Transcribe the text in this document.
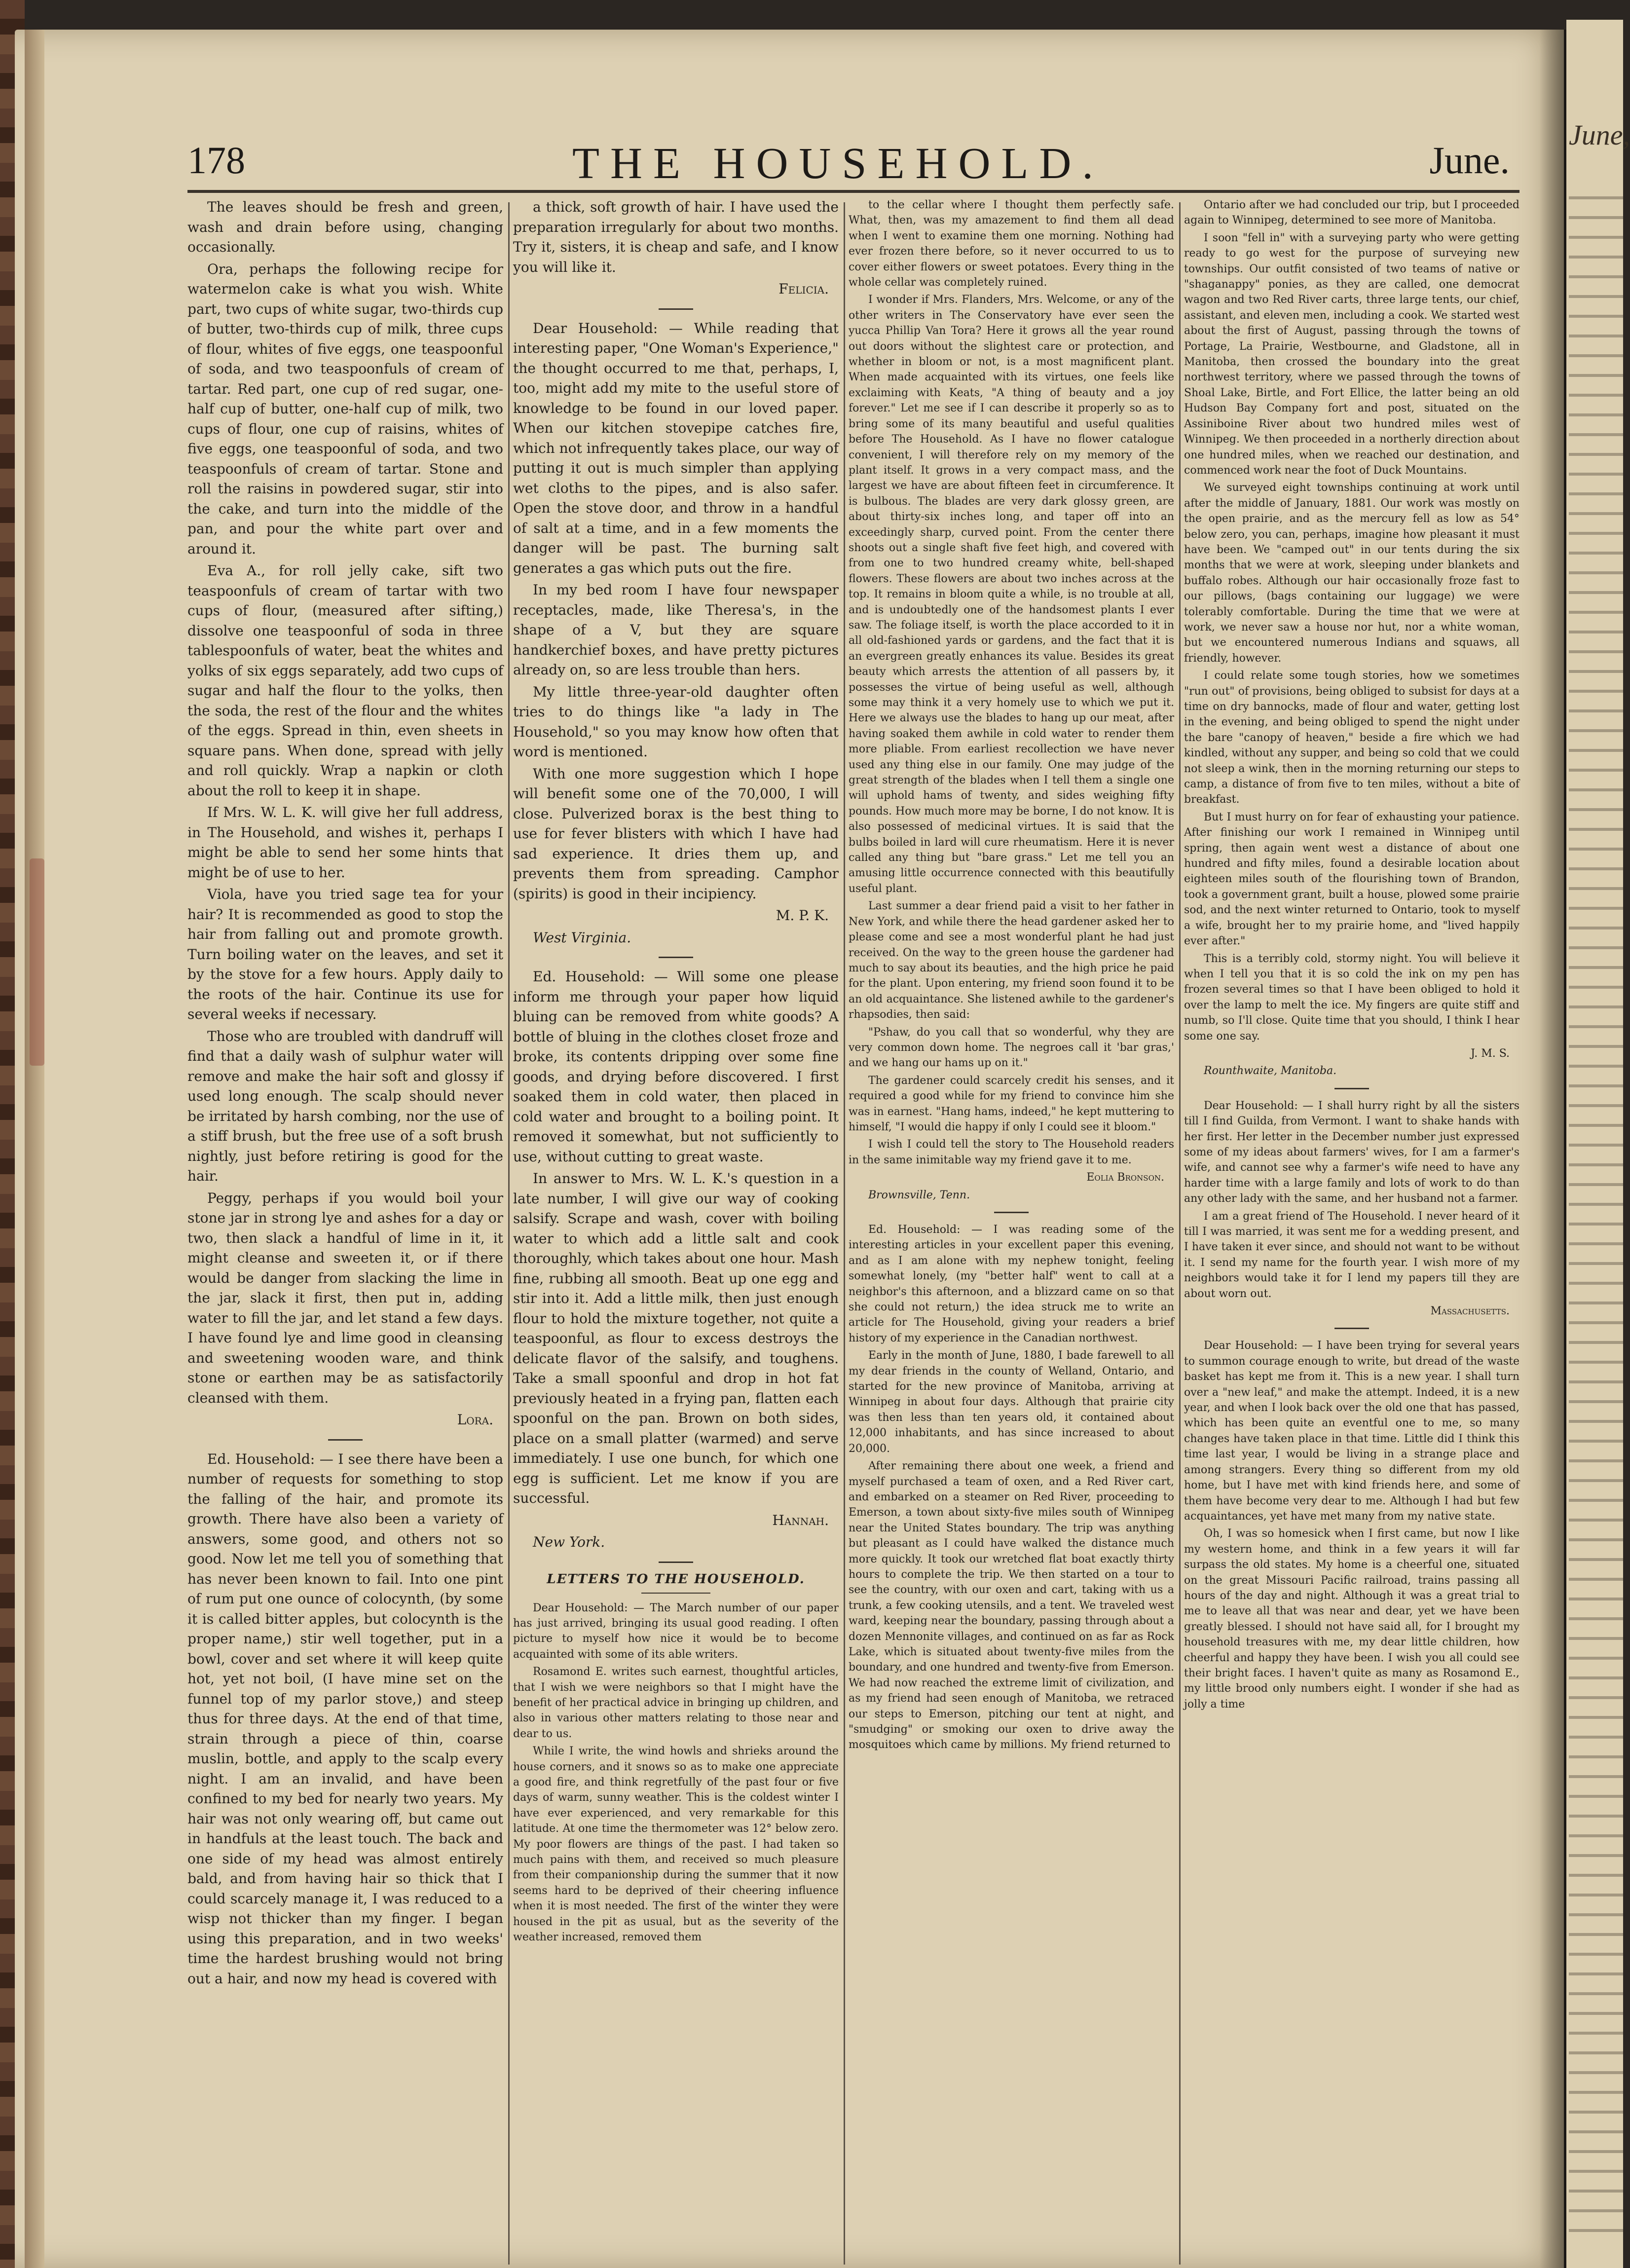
June,
178	THE HOUSEHOLD.	June.

The leaves should be fresh and green, wash and drain before using, changing occasionally.

Ora, perhaps the following recipe for watermelon cake is what you wish. White part, two cups of white sugar, two-thirds cup of butter, two-thirds cup of milk, three cups of flour, whites of five eggs, one teaspoonful of soda, and two teaspoonfuls of cream of tartar. Red part, one cup of red sugar, one-half cup of butter, one-half cup of milk, two cups of flour, one cup of raisins, whites of five eggs, one teaspoonful of soda, and two teaspoonfuls of cream of tartar. Stone and roll the raisins in powdered sugar, stir into the cake, and turn into the middle of the pan, and pour the white part over and around it.

Eva A., for roll jelly cake, sift two teaspoonfuls of cream of tartar with two cups of flour, (measured after sifting,) dissolve one teaspoonful of soda in three tablespoonfuls of water, beat the whites and yolks of six eggs separately, add two cups of sugar and half the flour to the yolks, then the soda, the rest of the flour and the whites of the eggs. Spread in thin, even sheets in square pans. When done, spread with jelly and roll quickly. Wrap a napkin or cloth about the roll to keep it in shape.

If Mrs. W. L. K. will give her full address, in The Household, and wishes it, perhaps I might be able to send her some hints that might be of use to her.

Viola, have you tried sage tea for your hair? It is recommended as good to stop the hair from falling out and promote growth. Turn boiling water on the leaves, and set it by the stove for a few hours. Apply daily to the roots of the hair. Continue its use for several weeks if necessary.

Those who are troubled with dandruff will find that a daily wash of sulphur water will remove and make the hair soft and glossy if used long enough. The scalp should never be irritated by harsh combing, nor the use of a stiff brush, but the free use of a soft brush nightly, just before retiring is good for the hair.

Peggy, perhaps if you would boil your stone jar in strong lye and ashes for a day or two, then slack a handful of lime in it, it might cleanse and sweeten it, or if there would be danger from slacking the lime in the jar, slack it first, then put in, adding water to fill the jar, and let stand a few days. I have found lye and lime good in cleansing and sweetening wooden ware, and think stone or earthen may be as satisfactorily cleansed with them.

Lora.

Ed. Household: — I see there have been a number of requests for something to stop the falling of the hair, and promote its growth. There have also been a variety of answers, some good, and others not so good. Now let me tell you of something that has never been known to fail. Into one pint of rum put one ounce of colocynth, (by some it is called bitter apples, but colocynth is the proper name,) stir well together, put in a bowl, cover and set where it will keep quite hot, yet not boil, (I have mine set on the funnel top of my parlor stove,) and steep thus for three days. At the end of that time, strain through a piece of thin, coarse muslin, bottle, and apply to the scalp every night. I am an invalid, and have been confined to my bed for nearly two years. My hair was not only wearing off, but came out in handfuls at the least touch. The back and one side of my head was almost entirely bald, and from having hair so thick that I could scarcely manage it, I was reduced to a wisp not thicker than my finger. I began using this preparation, and in two weeks' time the hardest brushing would not bring out a hair, and now my head is covered with

a thick, soft growth of hair. I have used the preparation irregularly for about two months. Try it, sisters, it is cheap and safe, and I know you will like it.

Felicia.

Dear Household: — While reading that interesting paper, "One Woman's Experience," the thought occurred to me that, perhaps, I, too, might add my mite to the useful store of knowledge to be found in our loved paper. When our kitchen stovepipe catches fire, which not infrequently takes place, our way of putting it out is much simpler than applying wet cloths to the pipes, and is also safer. Open the stove door, and throw in a handful of salt at a time, and in a few moments the danger will be past. The burning salt generates a gas which puts out the fire.

In my bed room I have four newspaper receptacles, made, like Theresa's, in the shape of a V, but they are square handkerchief boxes, and have pretty pictures already on, so are less trouble than hers.

My little three-year-old daughter often tries to do things like "a lady in The Household," so you may know how often that word is mentioned.

With one more suggestion which I hope will benefit some one of the 70,000, I will close. Pulverized borax is the best thing to use for fever blisters with which I have had sad experience. It dries them up, and prevents them from spreading. Camphor (spirits) is good in their incipiency.

M. P. K.

West Virginia.

Ed. Household: — Will some one please inform me through your paper how liquid bluing can be removed from white goods? A bottle of bluing in the clothes closet froze and broke, its contents dripping over some fine goods, and drying before discovered. I first soaked them in cold water, then placed in cold water and brought to a boiling point. It removed it somewhat, but not sufficiently to use, without cutting to great waste.

In answer to Mrs. W. L. K.'s question in a late number, I will give our way of cooking salsify. Scrape and wash, cover with boiling water to which add a little salt and cook thoroughly, which takes about one hour. Mash fine, rubbing all smooth. Beat up one egg and stir into it. Add a little milk, then just enough flour to hold the mixture together, not quite a teaspoonful, as flour to excess destroys the delicate flavor of the salsify, and toughens. Take a small spoonful and drop in hot fat previously heated in a frying pan, flatten each spoonful on the pan. Brown on both sides, place on a small platter (warmed) and serve immediately. I use one bunch, for which one egg is sufficient. Let me know if you are successful.

Hannah.

New York.

LETTERS TO THE HOUSEHOLD.

Dear Household: — The March number of our paper has just arrived, bringing its usual good reading. I often picture to myself how nice it would be to become acquainted with some of its able writers.

Rosamond E. writes such earnest, thoughtful articles, that I wish we were neighbors so that I might have the benefit of her practical advice in bringing up children, and also in various other matters relating to those near and dear to us.

While I write, the wind howls and shrieks around the house corners, and it snows so as to make one appreciate a good fire, and think regretfully of the past four or five days of warm, sunny weather. This is the coldest winter I have ever experienced, and very remarkable for this latitude. At one time the thermometer was 12° below zero. My poor flowers are things of the past. I had taken so much pains with them, and received so much pleasure from their companionship during the summer that it now seems hard to be deprived of their cheering influence when it is most needed. The first of the winter they were housed in the pit as usual, but as the severity of the weather increased, removed them

to the cellar where I thought them perfectly safe. What, then, was my amazement to find them all dead when I went to examine them one morning. Nothing had ever frozen there before, so it never occurred to us to cover either flowers or sweet potatoes. Every thing in the whole cellar was completely ruined.

I wonder if Mrs. Flanders, Mrs. Welcome, or any of the other writers in The Conservatory have ever seen the yucca Phillip Van Tora? Here it grows all the year round out doors without the slightest care or protection, and whether in bloom or not, is a most magnificent plant. When made acquainted with its virtues, one feels like exclaiming with Keats, "A thing of beauty and a joy forever." Let me see if I can describe it properly so as to bring some of its many beautiful and useful qualities before The Household. As I have no flower catalogue convenient, I will therefore rely on my memory of the plant itself. It grows in a very compact mass, and the largest we have are about fifteen feet in circumference. It is bulbous. The blades are very dark glossy green, are about thirty-six inches long, and taper off into an exceedingly sharp, curved point. From the center there shoots out a single shaft five feet high, and covered with from one to two hundred creamy white, bell-shaped flowers. These flowers are about two inches across at the top. It remains in bloom quite a while, is no trouble at all, and is undoubtedly one of the handsomest plants I ever saw. The foliage itself, is worth the place accorded to it in all old-fashioned yards or gardens, and the fact that it is an evergreen greatly enhances its value. Besides its great beauty which arrests the attention of all passers by, it possesses the virtue of being useful as well, although some may think it a very homely use to which we put it. Here we always use the blades to hang up our meat, after having soaked them awhile in cold water to render them more pliable. From earliest recollection we have never used any thing else in our family. One may judge of the great strength of the blades when I tell them a single one will uphold hams of twenty, and sides weighing fifty pounds. How much more may be borne, I do not know. It is also possessed of medicinal virtues. It is said that the bulbs boiled in lard will cure rheumatism. Here it is never called any thing but "bare grass." Let me tell you an amusing little occurrence connected with this beautifully useful plant.

Last summer a dear friend paid a visit to her father in New York, and while there the head gardener asked her to please come and see a most wonderful plant he had just received. On the way to the green house the gardener had much to say about its beauties, and the high price he paid for the plant. Upon entering, my friend soon found it to be an old acquaintance. She listened awhile to the gardener's rhapsodies, then said:

"Pshaw, do you call that so wonderful, why they are very common down home. The negroes call it 'bar gras,' and we hang our hams up on it."

The gardener could scarcely credit his senses, and it required a good while for my friend to convince him she was in earnest. "Hang hams, indeed," he kept muttering to himself, "I would die happy if only I could see it bloom."

I wish I could tell the story to The Household readers in the same inimitable way my friend gave it to me.

Eolia Bronson.

Brownsville, Tenn.

Ed. Household: — I was reading some of the interesting articles in your excellent paper this evening, and as I am alone with my nephew tonight, feeling somewhat lonely, (my "better half" went to call at a neighbor's this afternoon, and a blizzard came on so that she could not return,) the idea struck me to write an article for The Household, giving your readers a brief history of my experience in the Canadian northwest.

Early in the month of June, 1880, I bade farewell to all my dear friends in the county of Welland, Ontario, and started for the new province of Manitoba, arriving at Winnipeg in about four days. Although that prairie city was then less than ten years old, it contained about 12,000 inhabitants, and has since increased to about 20,000.

After remaining there about one week, a friend and myself purchased a team of oxen, and a Red River cart, and embarked on a steamer on Red River, proceeding to Emerson, a town about sixty-five miles south of Winnipeg near the United States boundary. The trip was anything but pleasant as I could have walked the distance much more quickly. It took our wretched flat boat exactly thirty hours to complete the trip. We then started on a tour to see the country, with our oxen and cart, taking with us a trunk, a few cooking utensils, and a tent. We traveled west ward, keeping near the boundary, passing through about a dozen Mennonite villages, and continued on as far as Rock Lake, which is situated about twenty-five miles from the boundary, and one hundred and twenty-five from Emerson. We had now reached the extreme limit of civilization, and as my friend had seen enough of Manitoba, we retraced our steps to Emerson, pitching our tent at night, and "smudging" or smoking our oxen to drive away the mosquitoes which came by millions. My friend returned to

Ontario after we had concluded our trip, but I proceeded again to Winnipeg, determined to see more of Manitoba.

I soon "fell in" with a surveying party who were getting ready to go west for the purpose of surveying new townships. Our outfit consisted of two teams of native or "shaganappy" ponies, as they are called, one democrat wagon and two Red River carts, three large tents, our chief, assistant, and eleven men, including a cook. We started west about the first of August, passing through the towns of Portage, La Prairie, Westbourne, and Gladstone, all in Manitoba, then crossed the boundary into the great northwest territory, where we passed through the towns of Shoal Lake, Birtle, and Fort Ellice, the latter being an old Hudson Bay Company fort and post, situated on the Assiniboine River about two hundred miles west of Winnipeg. We then proceeded in a northerly direction about one hundred miles, when we reached our destination, and commenced work near the foot of Duck Mountains.

We surveyed eight townships continuing at work until after the middle of January, 1881. Our work was mostly on the open prairie, and as the mercury fell as low as 54° below zero, you can, perhaps, imagine how pleasant it must have been. We "camped out" in our tents during the six months that we were at work, sleeping under blankets and buffalo robes. Although our hair occasionally froze fast to our pillows, (bags containing our luggage) we were tolerably comfortable. During the time that we were at work, we never saw a house nor hut, nor a white woman, but we encountered numerous Indians and squaws, all friendly, however.

I could relate some tough stories, how we sometimes "run out" of provisions, being obliged to subsist for days at a time on dry bannocks, made of flour and water, getting lost in the evening, and being obliged to spend the night under the bare "canopy of heaven," beside a fire which we had kindled, without any supper, and being so cold that we could not sleep a wink, then in the morning returning our steps to camp, a distance of from five to ten miles, without a bite of breakfast.

But I must hurry on for fear of exhausting your patience. After finishing our work I remained in Winnipeg until spring, then again went west a distance of about one hundred and fifty miles, found a desirable location about eighteen miles south of the flourishing town of Brandon, took a government grant, built a house, plowed some prairie sod, and the next winter returned to Ontario, took to myself a wife, brought her to my prairie home, and "lived happily ever after."

This is a terribly cold, stormy night. You will believe it when I tell you that it is so cold the ink on my pen has frozen several times so that I have been obliged to hold it over the lamp to melt the ice. My fingers are quite stiff and numb, so I'll close. Quite time that you should, I think I hear some one say.

J. M. S.

Rounthwaite, Manitoba.

Dear Household: — I shall hurry right by all the sisters till I find Guilda, from Vermont. I want to shake hands with her first. Her letter in the December number just expressed some of my ideas about farmers' wives, for I am a farmer's wife, and cannot see why a farmer's wife need to have any harder time with a large family and lots of work to do than any other lady with the same, and her husband not a farmer.

I am a great friend of The Household. I never heard of it till I was married, it was sent me for a wedding present, and I have taken it ever since, and should not want to be without it. I send my name for the fourth year. I wish more of my neighbors would take it for I lend my papers till they are about worn out.

Massachusetts.

Dear Household: — I have been trying for several years to summon courage enough to write, but dread of the waste basket has kept me from it. This is a new year. I shall turn over a "new leaf," and make the attempt. Indeed, it is a new year, and when I look back over the old one that has passed, which has been quite an eventful one to me, so many changes have taken place in that time. Little did I think this time last year, I would be living in a strange place and among strangers. Every thing so different from my old home, but I have met with kind friends here, and some of them have become very dear to me. Although I had but few acquaintances, yet have met many from my native state.

Oh, I was so homesick when I first came, but now I like my western home, and think in a few years it will far surpass the old states. My home is a cheerful one, situated on the great Missouri Pacific railroad, trains passing all hours of the day and night. Although it was a great trial to me to leave all that was near and dear, yet we have been greatly blessed. I should not have said all, for I brought my household treasures with me, my dear little children, how cheerful and happy they have been. I wish you all could see their bright faces. I haven't quite as many as Rosamond E., my little brood only numbers eight. I wonder if she had as jolly a time
